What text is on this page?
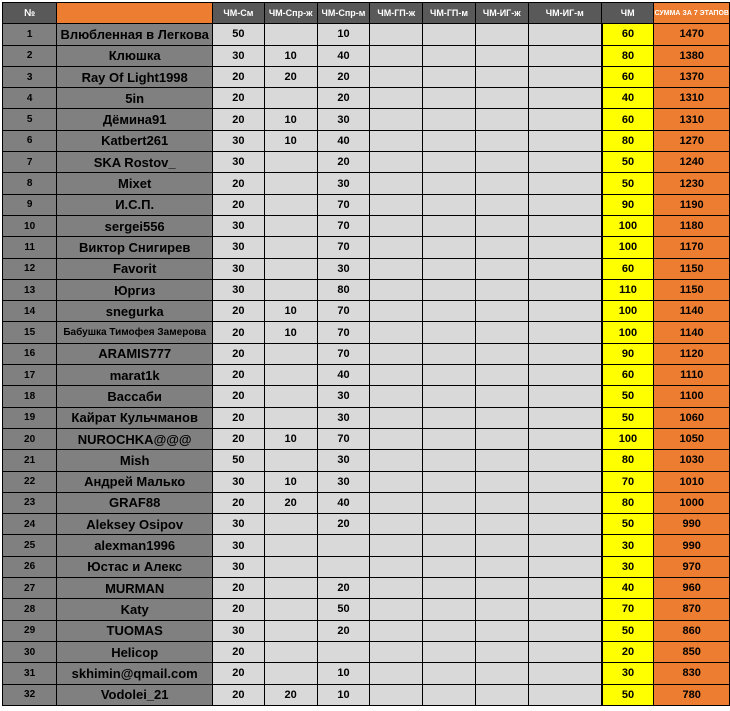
№		ЧМ-См	ЧМ-Спр-ж	ЧМ-Спр-м	ЧМ-ГП-ж	ЧМ-ГП-м	ЧМ-ИГ-ж	ЧМ-ИГ-м	ЧМ	СУММА ЗА 7 ЭТАПОВ
1	Влюбленная в Легкова	50		10					60	1470
2	Клюшка	30	10	40					80	1380
3	Ray Of Light1998	20	20	20					60	1370
4	5in	20		20					40	1310
5	Дёмина91	20	10	30					60	1310
6	Katbert261	30	10	40					80	1270
7	SKA Rostov_	30		20					50	1240
8	Mixet	20		30					50	1230
9	И.С.П.	20		70					90	1190
10	sergei556	30		70					100	1180
11	Виктор Снигирев	30		70					100	1170
12	Favorit	30		30					60	1150
13	Юргиз	30		80					110	1150
14	snegurka	20	10	70					100	1140
15	Бабушка Тимофея Замерова	20	10	70					100	1140
16	ARAMIS777	20		70					90	1120
17	marat1k	20		40					60	1110
18	Вассаби	20		30					50	1100
19	Кайрат Кульчманов	20		30					50	1060
20	NUROCHKA@@@	20	10	70					100	1050
21	Mish	50		30					80	1030
22	Андрей Малько	30	10	30					70	1010
23	GRAF88	20	20	40					80	1000
24	Aleksey Osipov	30		20					50	990
25	alexman1996	30							30	990
26	Юстас и Алекс	30							30	970
27	MURMAN	20		20					40	960
28	Katy	20		50					70	870
29	TUOMAS	30		20					50	860
30	Helicop	20							20	850
31	skhimin@qmail.com	20		10					30	830
32	Vodolei_21	20	20	10					50	780
